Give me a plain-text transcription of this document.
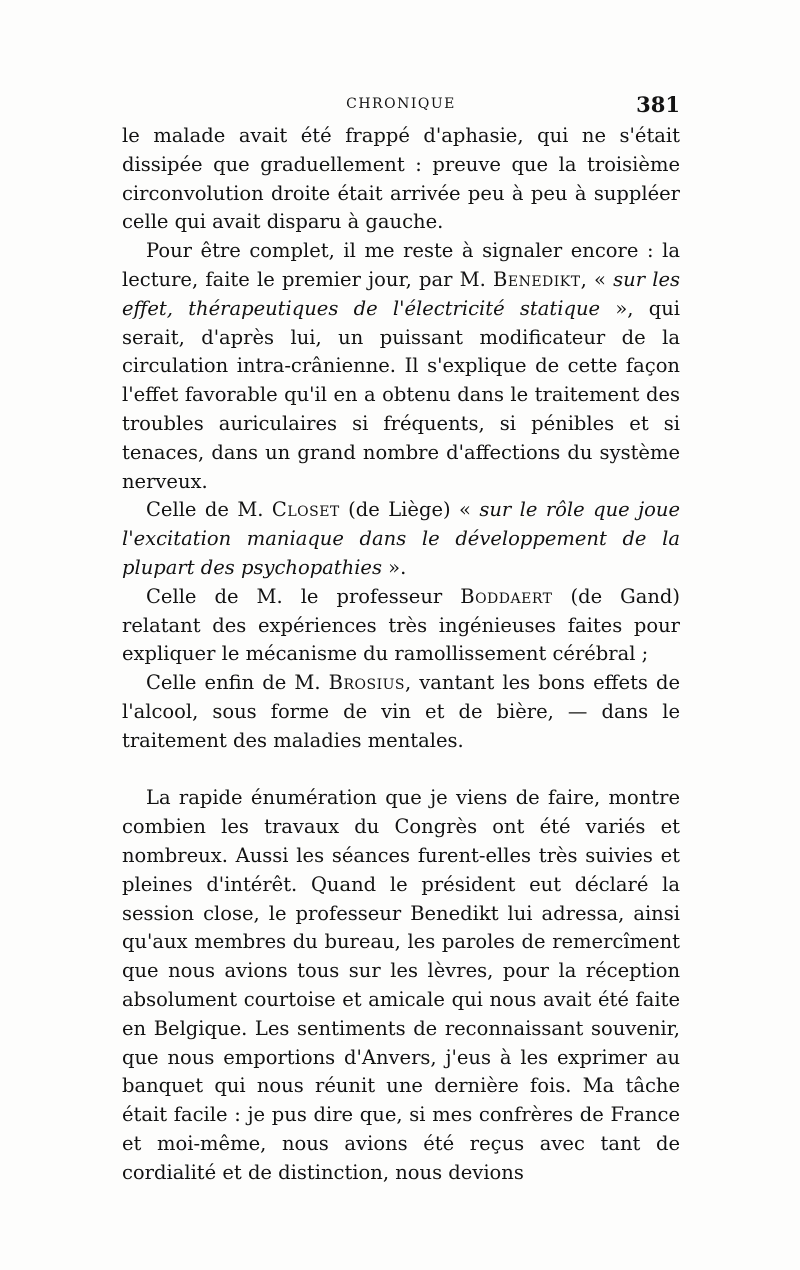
CHRONIQUE	381

le malade avait été frappé d'aphasie, qui ne s'était dissipée que graduellement : preuve que la troisième circonvolution droite était arrivée peu à peu à suppléer celle qui avait disparu à gauche.

Pour être complet, il me reste à signaler encore : la lecture, faite le premier jour, par M. Benedikt, « sur les effet, thérapeutiques de l'électricité statique », qui serait, d'après lui, un puissant modificateur de la circulation intra-crânienne. Il s'explique de cette façon l'effet favorable qu'il en a obtenu dans le traitement des troubles auriculaires si fréquents, si pénibles et si tenaces, dans un grand nombre d'affections du système nerveux.

Celle de M. Closet (de Liège) « sur le rôle que joue l'excitation maniaque dans le développement de la plupart des psychopathies ».

Celle de M. le professeur Boddaert (de Gand) relatant des expériences très ingénieuses faites pour expliquer le mécanisme du ramollissement cérébral ;

Celle enfin de M. Brosius, vantant les bons effets de l'alcool, sous forme de vin et de bière, — dans le traitement des maladies mentales.

La rapide énumération que je viens de faire, montre combien les travaux du Congrès ont été variés et nombreux. Aussi les séances furent-elles très suivies et pleines d'intérêt. Quand le président eut déclaré la session close, le professeur Benedikt lui adressa, ainsi qu'aux membres du bureau, les paroles de remercîment que nous avions tous sur les lèvres, pour la réception absolument courtoise et amicale qui nous avait été faite en Belgique. Les sentiments de reconnaissant souvenir, que nous emportions d'Anvers, j'eus à les exprimer au banquet qui nous réunit une dernière fois. Ma tâche était facile : je pus dire que, si mes confrères de France et moi-même, nous avions été reçus avec tant de cordialité et de distinction, nous devions
